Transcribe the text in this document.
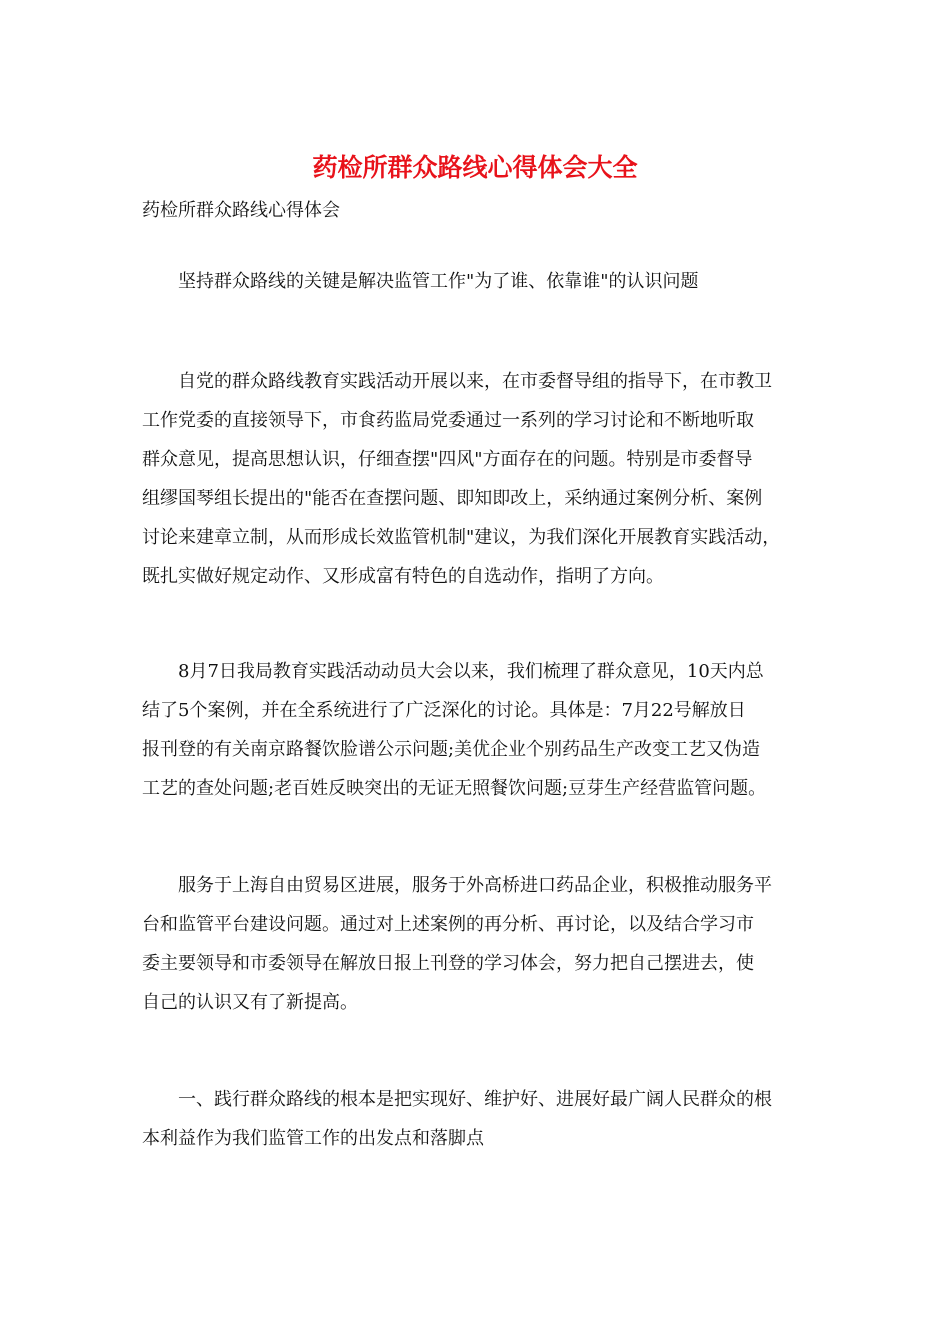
药检所群众路线心得体会大全

药检所群众路线心得体会

坚持群众路线的关键是解决监管工作"为了谁、依靠谁"的认识问题

自党的群众路线教育实践活动开展以来，在市委督导组的指导下，在市教卫
工作党委的直接领导下，市食药监局党委通过一系列的学习讨论和不断地听取
群众意见，提高思想认识，仔细查摆"四风"方面存在的问题。特别是市委督导
组缪国琴组长提出的"能否在查摆问题、即知即改上，采纳通过案例分析、案例
讨论来建章立制，从而形成长效监管机制"建议，为我们深化开展教育实践活动，
既扎实做好规定动作、又形成富有特色的自选动作，指明了方向。

8月7日我局教育实践活动动员大会以来，我们梳理了群众意见，10天内总
结了5个案例，并在全系统进行了广泛深化的讨论。具体是：7月22号解放日
报刊登的有关南京路餐饮脸谱公示问题;美优企业个别药品生产改变工艺又伪造
工艺的查处问题;老百姓反映突出的无证无照餐饮问题;豆芽生产经营监管问题。

服务于上海自由贸易区进展，服务于外高桥进口药品企业，积极推动服务平
台和监管平台建设问题。通过对上述案例的再分析、再讨论，以及结合学习市
委主要领导和市委领导在解放日报上刊登的学习体会，努力把自己摆进去，使
自己的认识又有了新提高。

一、践行群众路线的根本是把实现好、维护好、进展好最广阔人民群众的根
本利益作为我们监管工作的出发点和落脚点
